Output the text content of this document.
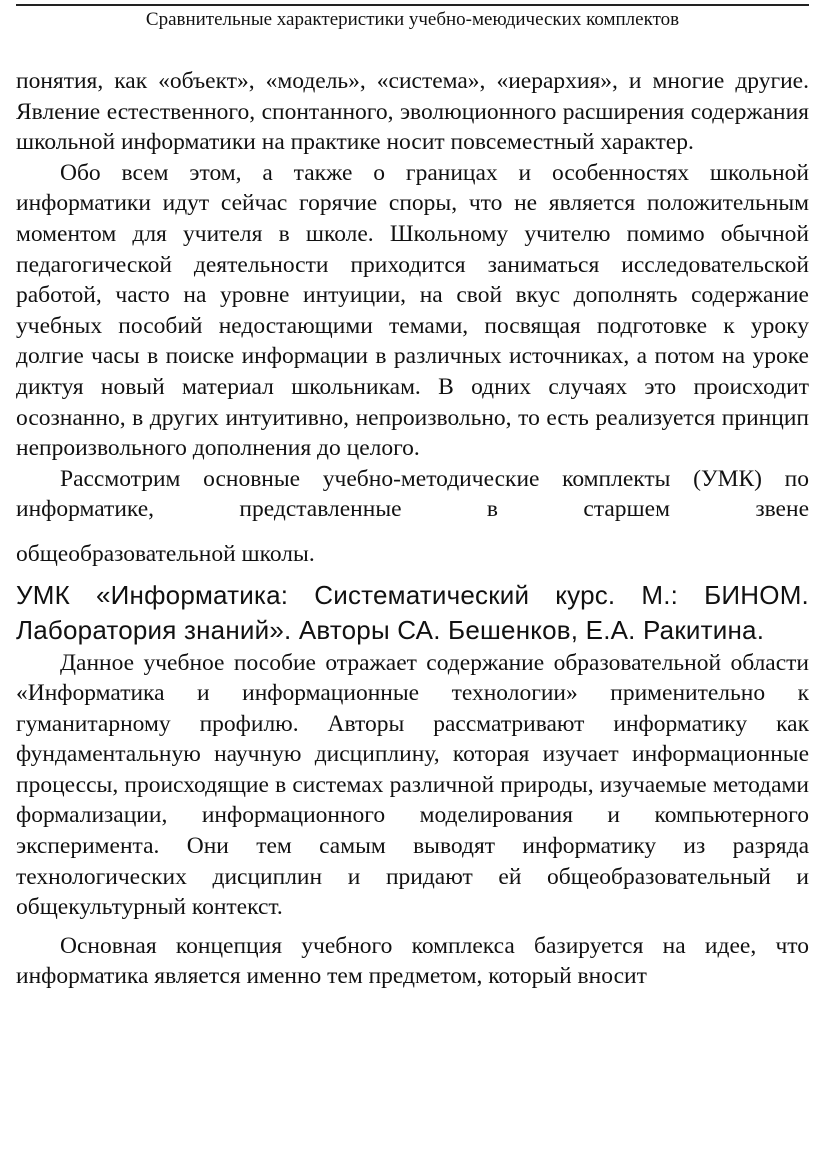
Сравнительные характеристики учебно-меюдических комплектов

понятия, как «объект», «модель», «система», «иерархия», и многие другие. Явление естественного, спонтанного, эволюционного расширения содержания школьной информатики на практике носит повсеместный характер.

Обо всем этом, а также о границах и особенностях школьной информатики идут сейчас горячие споры, что не является положительным моментом для учителя в школе. Школьному учителю помимо обычной педагогической деятельности приходится заниматься исследовательской работой, часто на уровне интуиции, на свой вкус дополнять содержание учебных пособий недостающими темами, посвящая подготовке к уроку долгие часы в поиске информации в различных источниках, а потом на уроке диктуя новый материал школьникам. В одних случаях это происходит осознанно, в других интуитивно, непроизвольно, то есть реализуется принцип непроизвольного дополнения до целого.

Рассмотрим основные учебно-методические комплекты (УМК) по информатике, представленные в старшем звене

общеобразовательной школы.

УМК «Информатика: Систематический курс. М.: БИНОМ. Лаборатория знаний». Авторы СА. Бешенков, Е.А. Ракитина.

Данное учебное пособие отражает содержание образовательной области «Информатика и информационные технологии» применительно к гуманитарному профилю. Авторы рассматривают информатику как фундаментальную научную дисциплину, которая изучает информационные процессы, происходящие в системах различной природы, изучаемые методами формализации, информационного моделирования и компьютерного эксперимента. Они тем самым выводят информатику из разряда технологических дисциплин и придают ей общеобразовательный и общекультурный контекст.

Основная концепция учебного комплекса базируется на идее, что информатика является именно тем предметом, который вносит
